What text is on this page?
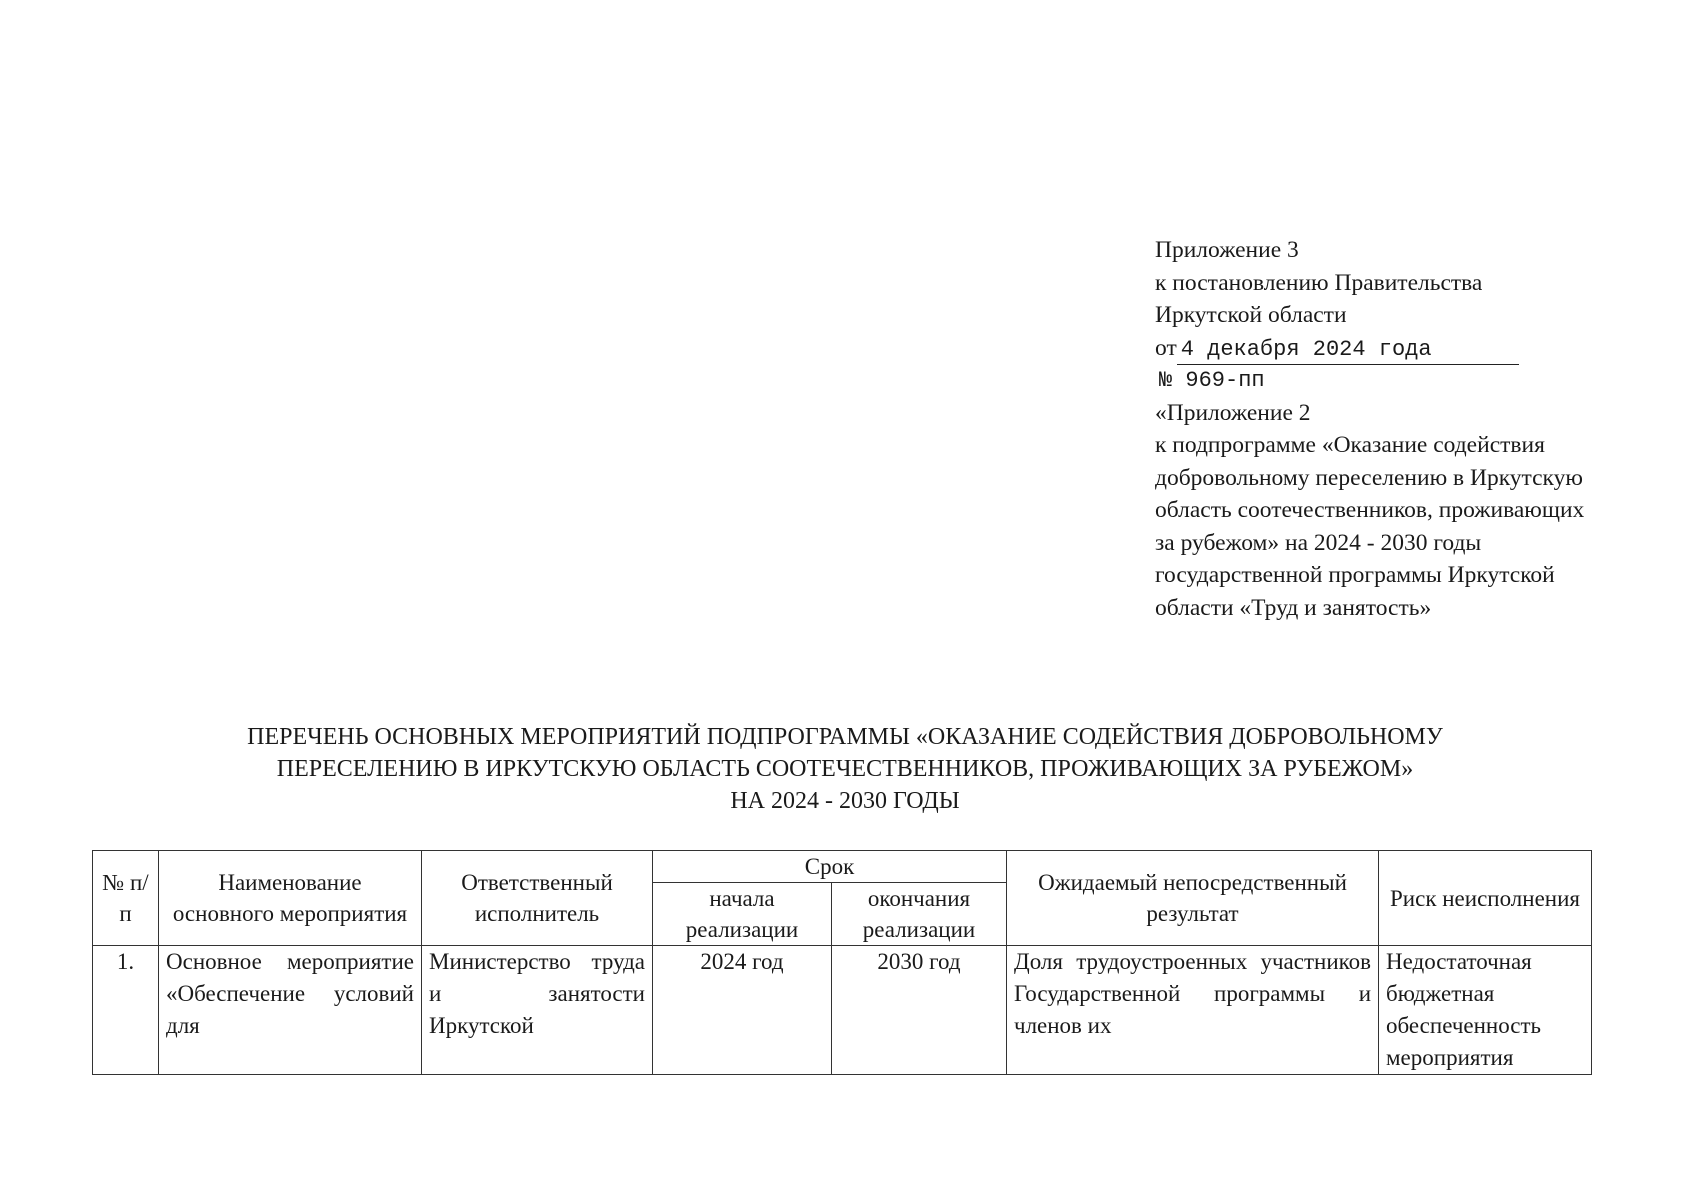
Приложение 3
к постановлению Правительства
Иркутской области
от 4 декабря 2024 года
№ 969-пп
«Приложение 2
к подпрограмме «Оказание содействия добровольному переселению в Иркутскую область соотечественников, проживающих за рубежом» на 2024 - 2030 годы государственной программы Иркутской области «Труд и занятость»
ПЕРЕЧЕНЬ ОСНОВНЫХ МЕРОПРИЯТИЙ ПОДПРОГРАММЫ «ОКАЗАНИЕ СОДЕЙСТВИЯ ДОБРОВОЛЬНОМУ
ПЕРЕСЕЛЕНИЮ В ИРКУТСКУЮ ОБЛАСТЬ СООТЕЧЕСТВЕННИКОВ, ПРОЖИВАЮЩИХ ЗА РУБЕЖОМ»
НА 2024 - 2030 ГОДЫ
№ п/п	Наименование основного мероприятия	Ответственный исполнитель	Срок		Ожидаемый непосредственный результат	Риск неисполнения
			начала реализации	окончания реализации		
1.	Основное мероприятие «Обеспечение условий для	Министерство труда и занятости Иркутской	2024 год	2030 год	Доля трудоустроенных участников Государственной программы и членов их	Недостаточная бюджетная обеспеченность мероприятия
